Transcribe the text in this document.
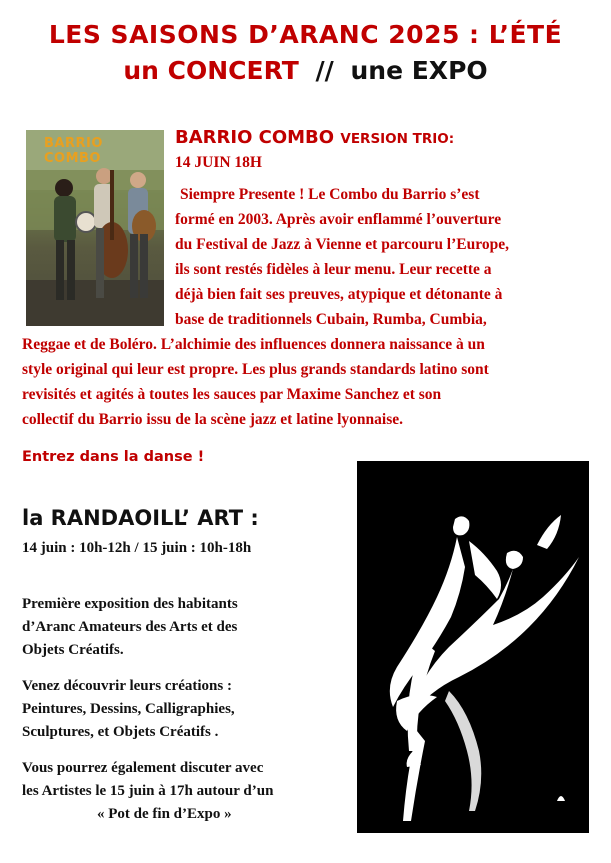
LES SAISONS D’ARANC 2025 : L’ÉTÉ
un CONCERT // une EXPO
BARRIO COMBO
BARRIO COMBO VERSION TRIO:
14 JUIN 18H

Siempre Presente ! Le Combo du Barrio s’est

formé en 2003. Après avoir enflammé l’ouverture

du Festival de Jazz à Vienne et parcouru l’Europe,

ils sont restés fidèles à leur menu. Leur recette a

déjà bien fait ses preuves, atypique et détonante à

base de traditionnels Cubain, Rumba, Cumbia,

Reggae et de Boléro. L’alchimie des influences donnera naissance à un

style original qui leur est propre. Les plus grands standards latino sont

revisités et agités à toutes les sauces par Maxime Sanchez et son

collectif du Barrio issu de la scène jazz et latine lyonnaise.

Entrez dans la danse !
la RANDAOILL’ ART :
14 juin : 10h-12h / 15 juin : 10h-18h

Première exposition des habitants

d’Aranc Amateurs des Arts et des

Objets Créatifs.

Venez découvrir leurs créations :

Peintures, Dessins, Calligraphies,

Sculptures, et Objets Créatifs .

Vous pourrez également discuter avec

les Artistes le 15 juin à 17h autour d’un

« Pot de fin d’Expo »
